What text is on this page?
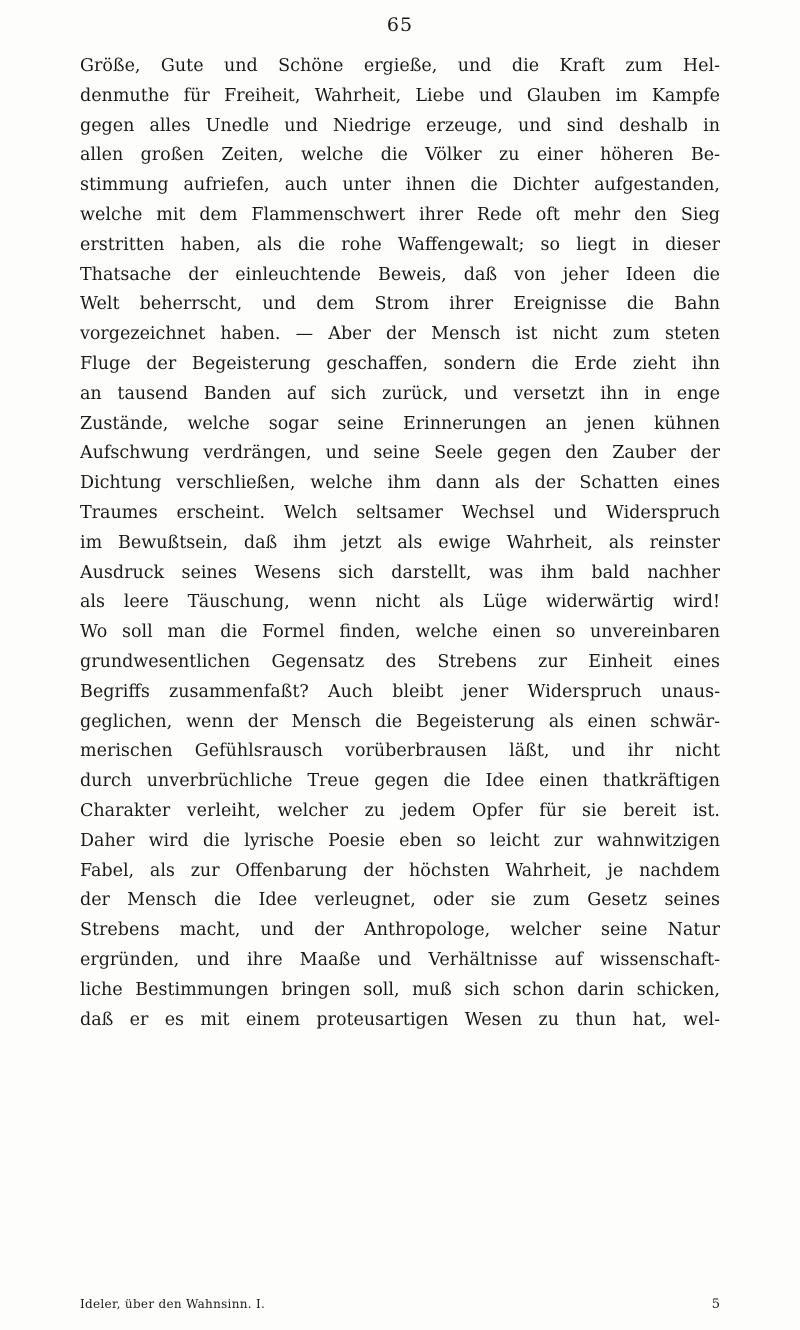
65
Größe, Gute und Schöne ergieße, und die Kraft zum Hel-
denmuthe für Freiheit, Wahrheit, Liebe und Glauben im Kampfe
gegen alles Unedle und Niedrige erzeuge, und sind deshalb in
allen großen Zeiten, welche die Völker zu einer höheren Be-
stimmung aufriefen, auch unter ihnen die Dichter aufgestanden,
welche mit dem Flammenschwert ihrer Rede oft mehr den Sieg
erstritten haben, als die rohe Waffengewalt; so liegt in dieser
Thatsache der einleuchtende Beweis, daß von jeher Ideen die
Welt beherrscht, und dem Strom ihrer Ereignisse die Bahn
vorgezeichnet haben. — Aber der Mensch ist nicht zum steten
Fluge der Begeisterung geschaffen, sondern die Erde zieht ihn
an tausend Banden auf sich zurück, und versetzt ihn in enge
Zustände, welche sogar seine Erinnerungen an jenen kühnen
Aufschwung verdrängen, und seine Seele gegen den Zauber der
Dichtung verschließen, welche ihm dann als der Schatten eines
Traumes erscheint. Welch seltsamer Wechsel und Widerspruch
im Bewußtsein, daß ihm jetzt als ewige Wahrheit, als reinster
Ausdruck seines Wesens sich darstellt, was ihm bald nachher
als leere Täuschung, wenn nicht als Lüge widerwärtig wird!
Wo soll man die Formel finden, welche einen so unvereinbaren
grundwesentlichen Gegensatz des Strebens zur Einheit eines
Begriffs zusammenfaßt? Auch bleibt jener Widerspruch unaus-
geglichen, wenn der Mensch die Begeisterung als einen schwär-
merischen Gefühlsrausch vorüberbrausen läßt, und ihr nicht
durch unverbrüchliche Treue gegen die Idee einen thatkräftigen
Charakter verleiht, welcher zu jedem Opfer für sie bereit ist.
Daher wird die lyrische Poesie eben so leicht zur wahnwitzigen
Fabel, als zur Offenbarung der höchsten Wahrheit, je nachdem
der Mensch die Idee verleugnet, oder sie zum Gesetz seines
Strebens macht, und der Anthropologe, welcher seine Natur
ergründen, und ihre Maaße und Verhältnisse auf wissenschaft-
liche Bestimmungen bringen soll, muß sich schon darin schicken,
daß er es mit einem proteusartigen Wesen zu thun hat, wel-
Ideler, über den Wahnsinn. I.	5
